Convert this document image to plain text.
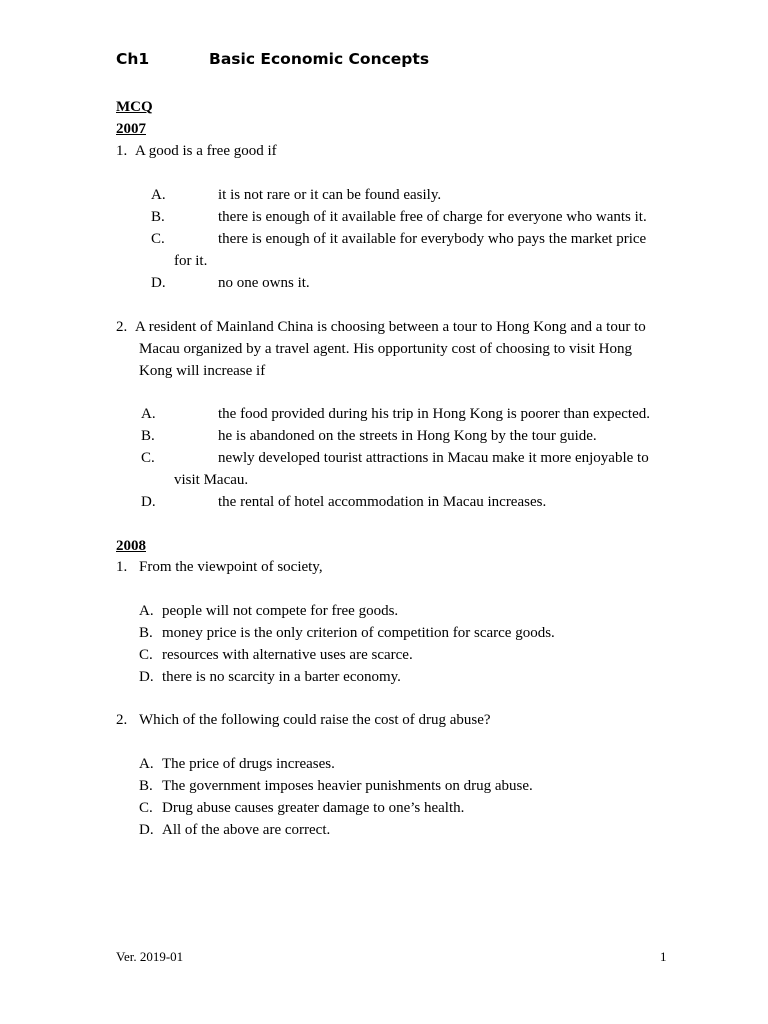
Ch1	Basic Economic Concepts
MCQ
2007
1. A good is a free good if
A.	it is not rare or it can be found easily.
B.	there is enough of it available free of charge for everyone who wants it.
C.	there is enough of it available for everybody who pays the market price
for it.
D.	no one owns it.
2. A resident of Mainland China is choosing between a tour to Hong Kong and a tour to
Macau organized by a travel agent. His opportunity cost of choosing to visit Hong
Kong will increase if
A.	the food provided during his trip in Hong Kong is poorer than expected.
B.	he is abandoned on the streets in Hong Kong by the tour guide.
C.	newly developed tourist attractions in Macau make it more enjoyable to
visit Macau.
D.	the rental of hotel accommodation in Macau increases.
2008
1. From the viewpoint of society,
A. people will not compete for free goods.
B. money price is the only criterion of competition for scarce goods.
C. resources with alternative uses are scarce.
D. there is no scarcity in a barter economy.
2. Which of the following could raise the cost of drug abuse?
A. The price of drugs increases.
B. The government imposes heavier punishments on drug abuse.
C. Drug abuse causes greater damage to one’s health.
D. All of the above are correct.
Ver. 2019-01	1
